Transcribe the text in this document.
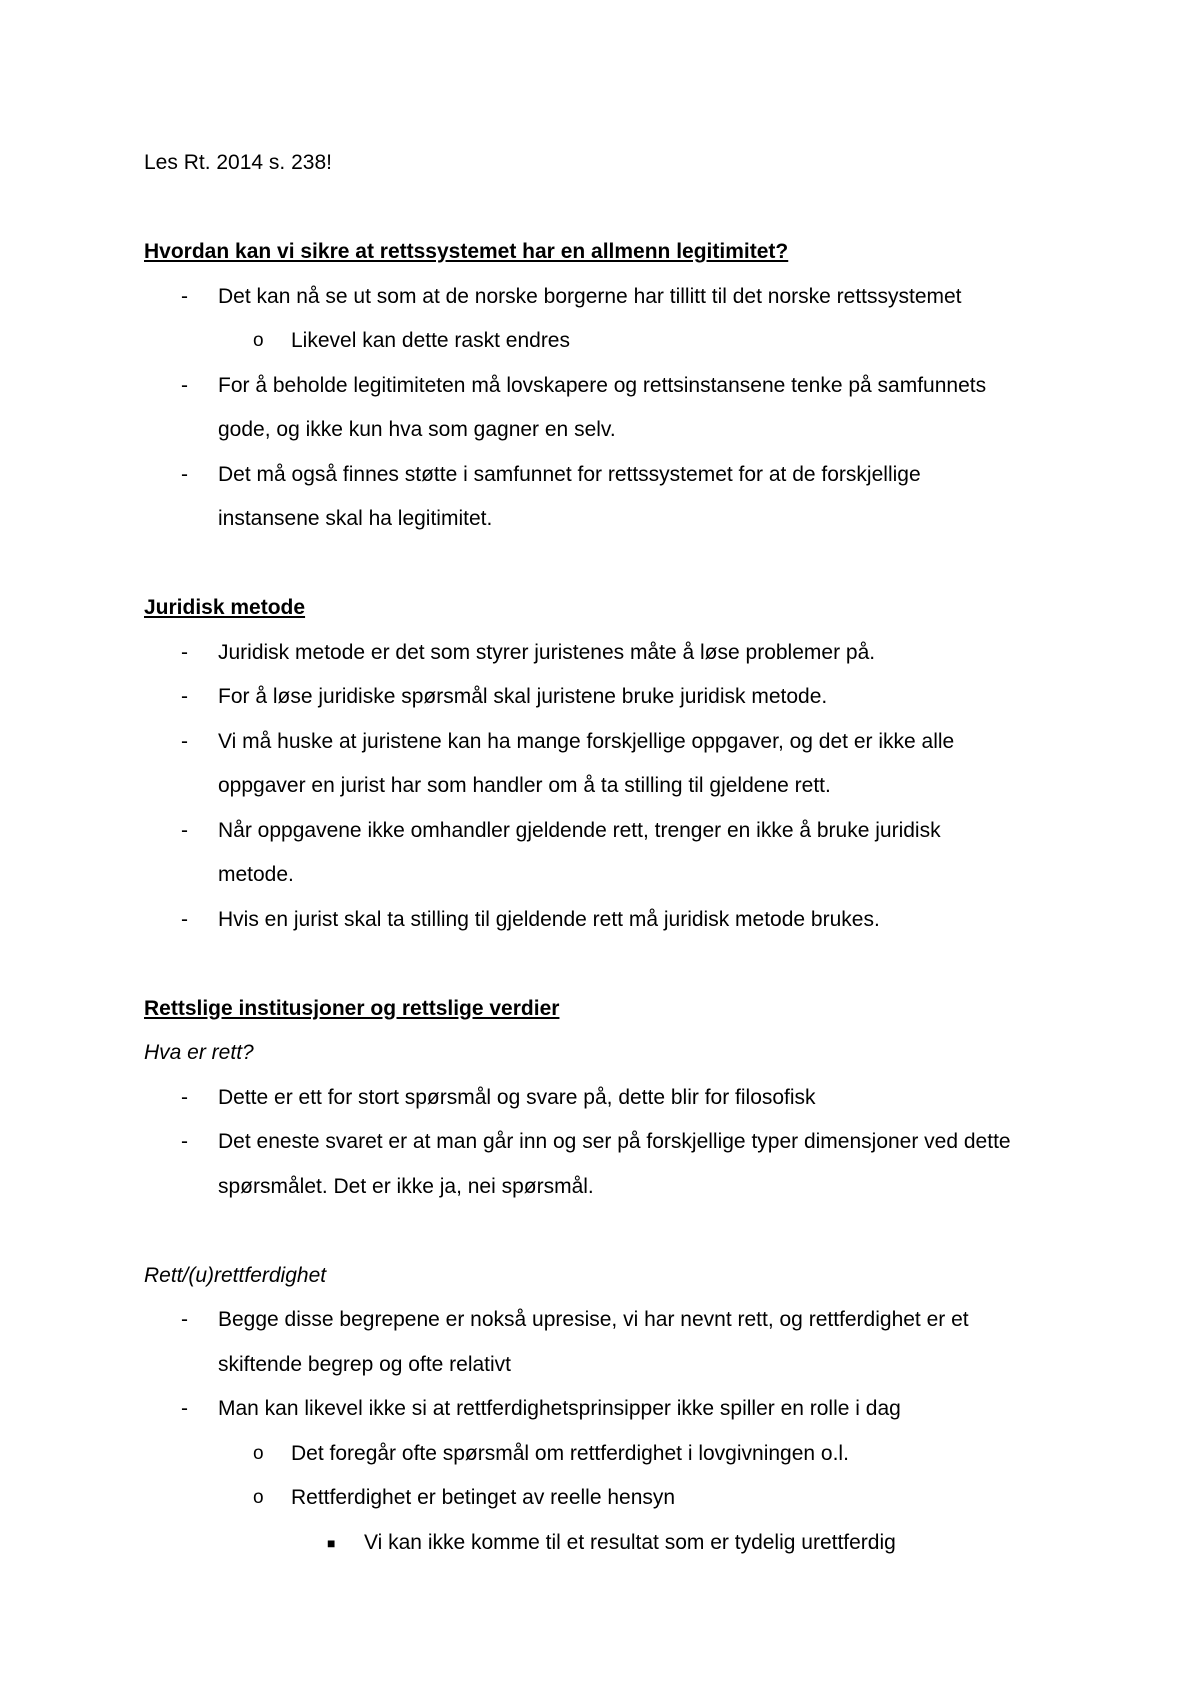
Les Rt. 2014 s. 238!

Hvordan kan vi sikre at rettssystemet har en allmenn legitimitet?

- Det kan nå se ut som at de norske borgerne har tillitt til det norske rettssystemet
o Likevel kan dette raskt endres
- For å beholde legitimiteten må lovskapere og rettsinstansene tenke på samfunnets
gode, og ikke kun hva som gagner en selv.
- Det må også finnes støtte i samfunnet for rettssystemet for at de forskjellige
instansene skal ha legitimitet.

Juridisk metode

- Juridisk metode er det som styrer juristenes måte å løse problemer på.
- For å løse juridiske spørsmål skal juristene bruke juridisk metode.
- Vi må huske at juristene kan ha mange forskjellige oppgaver, og det er ikke alle
oppgaver en jurist har som handler om å ta stilling til gjeldene rett.
- Når oppgavene ikke omhandler gjeldende rett, trenger en ikke å bruke juridisk
metode.
- Hvis en jurist skal ta stilling til gjeldende rett må juridisk metode brukes.

Rettslige institusjoner og rettslige verdier

Hva er rett?

- Dette er ett for stort spørsmål og svare på, dette blir for filosofisk
- Det eneste svaret er at man går inn og ser på forskjellige typer dimensjoner ved dette
spørsmålet. Det er ikke ja, nei spørsmål.

Rett/(u)rettferdighet

- Begge disse begrepene er nokså upresise, vi har nevnt rett, og rettferdighet er et
skiftende begrep og ofte relativt
- Man kan likevel ikke si at rettferdighetsprinsipper ikke spiller en rolle i dag
o Det foregår ofte spørsmål om rettferdighet i lovgivningen o.l.
o Rettferdighet er betinget av reelle hensyn
■ Vi kan ikke komme til et resultat som er tydelig urettferdig
